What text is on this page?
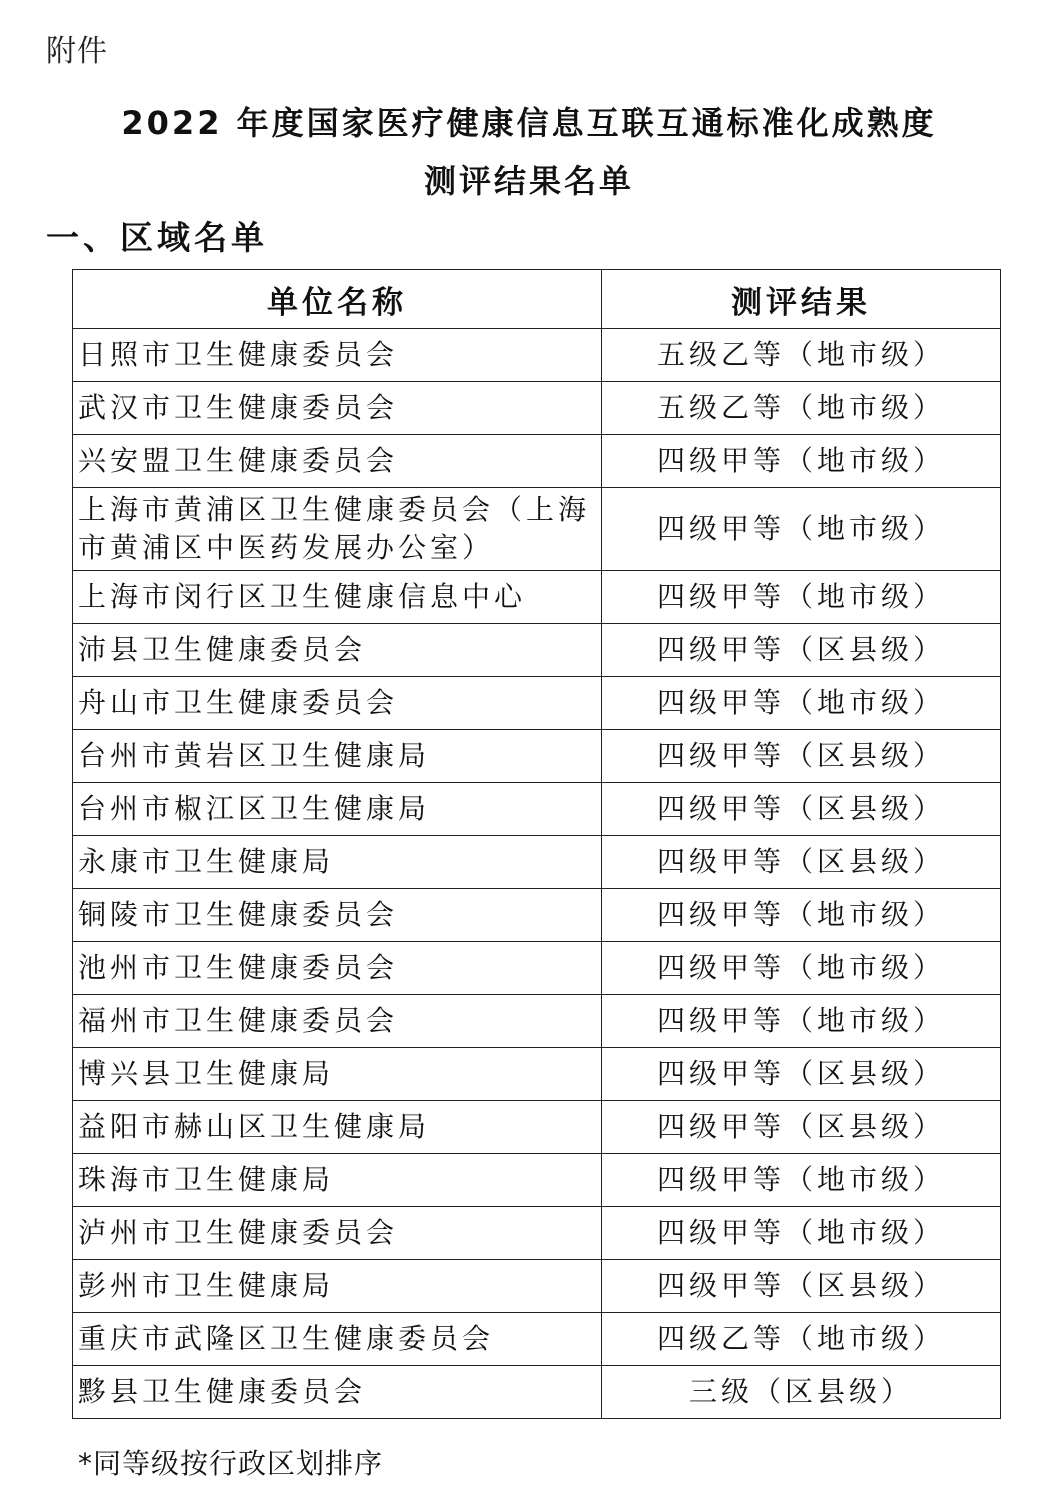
附件
2022 年度国家医疗健康信息互联互通标准化成熟度
测评结果名单
一、区域名单
单位名称	测评结果
日照市卫生健康委员会	五级乙等（地市级）
武汉市卫生健康委员会	五级乙等（地市级）
兴安盟卫生健康委员会	四级甲等（地市级）
上海市黄浦区卫生健康委员会（上海市黄浦区中医药发展办公室）	四级甲等（地市级）
上海市闵行区卫生健康信息中心	四级甲等（地市级）
沛县卫生健康委员会	四级甲等（区县级）
舟山市卫生健康委员会	四级甲等（地市级）
台州市黄岩区卫生健康局	四级甲等（区县级）
台州市椒江区卫生健康局	四级甲等（区县级）
永康市卫生健康局	四级甲等（区县级）
铜陵市卫生健康委员会	四级甲等（地市级）
池州市卫生健康委员会	四级甲等（地市级）
福州市卫生健康委员会	四级甲等（地市级）
博兴县卫生健康局	四级甲等（区县级）
益阳市赫山区卫生健康局	四级甲等（区县级）
珠海市卫生健康局	四级甲等（地市级）
泸州市卫生健康委员会	四级甲等（地市级）
彭州市卫生健康局	四级甲等（区县级）
重庆市武隆区卫生健康委员会	四级乙等（地市级）
黟县卫生健康委员会	三级（区县级）
*同等级按行政区划排序
